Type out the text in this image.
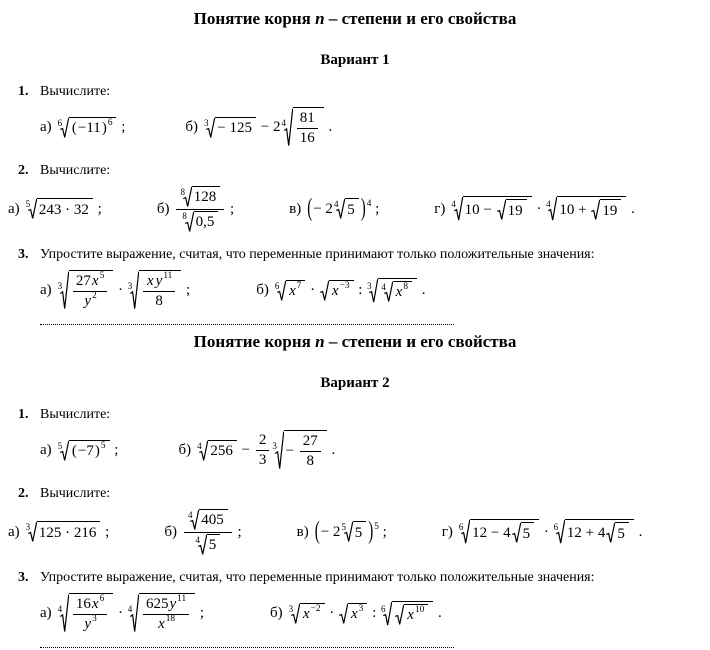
Понятие корня n – степени и его свойства
Вариант 1
1. Вычислите:
а) 6 ( −11 ) 6 ;	б) 3 − 125 − 2 $4 \frac{81}{16}$ .
2. Вычислите:
а) 5 243 · 32 ;	$б) \frac{8 128}{8 0,5}$ ;	в) ( − 2 4 5 ) 4 ;	г) 4 10 − 19 · 4 10 + 19 .
3. Упростите выражение, считая, что переменные принимают только положительные значения:
а) $3 \frac{27 x 5}{y 2} \cdot 3 \frac{\text{x y 11}}{8}$ ;	б) 6 x 7 · x −3 : 3 4 x 8 .
Понятие корня n – степени и его свойства
Вариант 2
1. Вычислите:
а) 5 ( −7 ) 5 ;	б) 4 $256 - \frac{2}{3} 3 - \frac{27}{8}$ .
2. Вычислите:
а) 3 125 · 216 ;	$б) \frac{4 405}{4 5}$ ;	в) ( − 2 5 5 ) 5 ;	г) 6 12 − 4 5 · 6 12 + 4 5 .
3. Упростите выражение, считая, что переменные принимают только положительные значения:
а) $4 \frac{16 x 6}{y 3} \cdot 4 \frac{625 y 11}{x 18}$ ;	б) 3 x −2 · x 3 : 6 x 10 .
